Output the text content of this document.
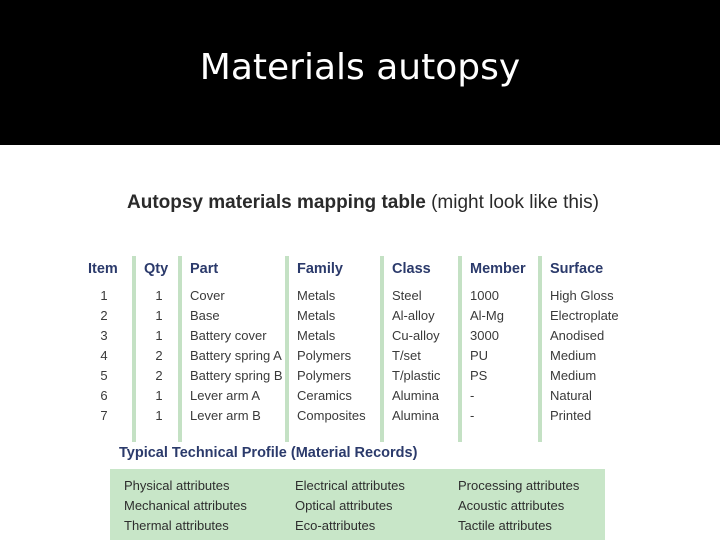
Materials autopsy
Autopsy materials mapping table (might look like this)
Item
1
2
3
4
5
6
7
Qty
1
1
1
2
2
1
1
Part
Cover
Base
Battery cover
Battery spring A
Battery spring B
Lever arm A
Lever arm B
Family
Metals
Metals
Metals
Polymers
Polymers
Ceramics
Composites
Class
Steel
Al-alloy
Cu-alloy
T/set
T/plastic
Alumina
Alumina
Member
1000
Al-Mg
3000
PU
PS
-
-
Surface
High Gloss
Electroplate
Anodised
Medium
Medium
Natural
Printed
Typical Technical Profile (Material Records)
Physical attributes
Mechanical attributes
Thermal attributes
Electrical attributes
Optical attributes
Eco-attributes
Processing attributes
Acoustic attributes
Tactile attributes
